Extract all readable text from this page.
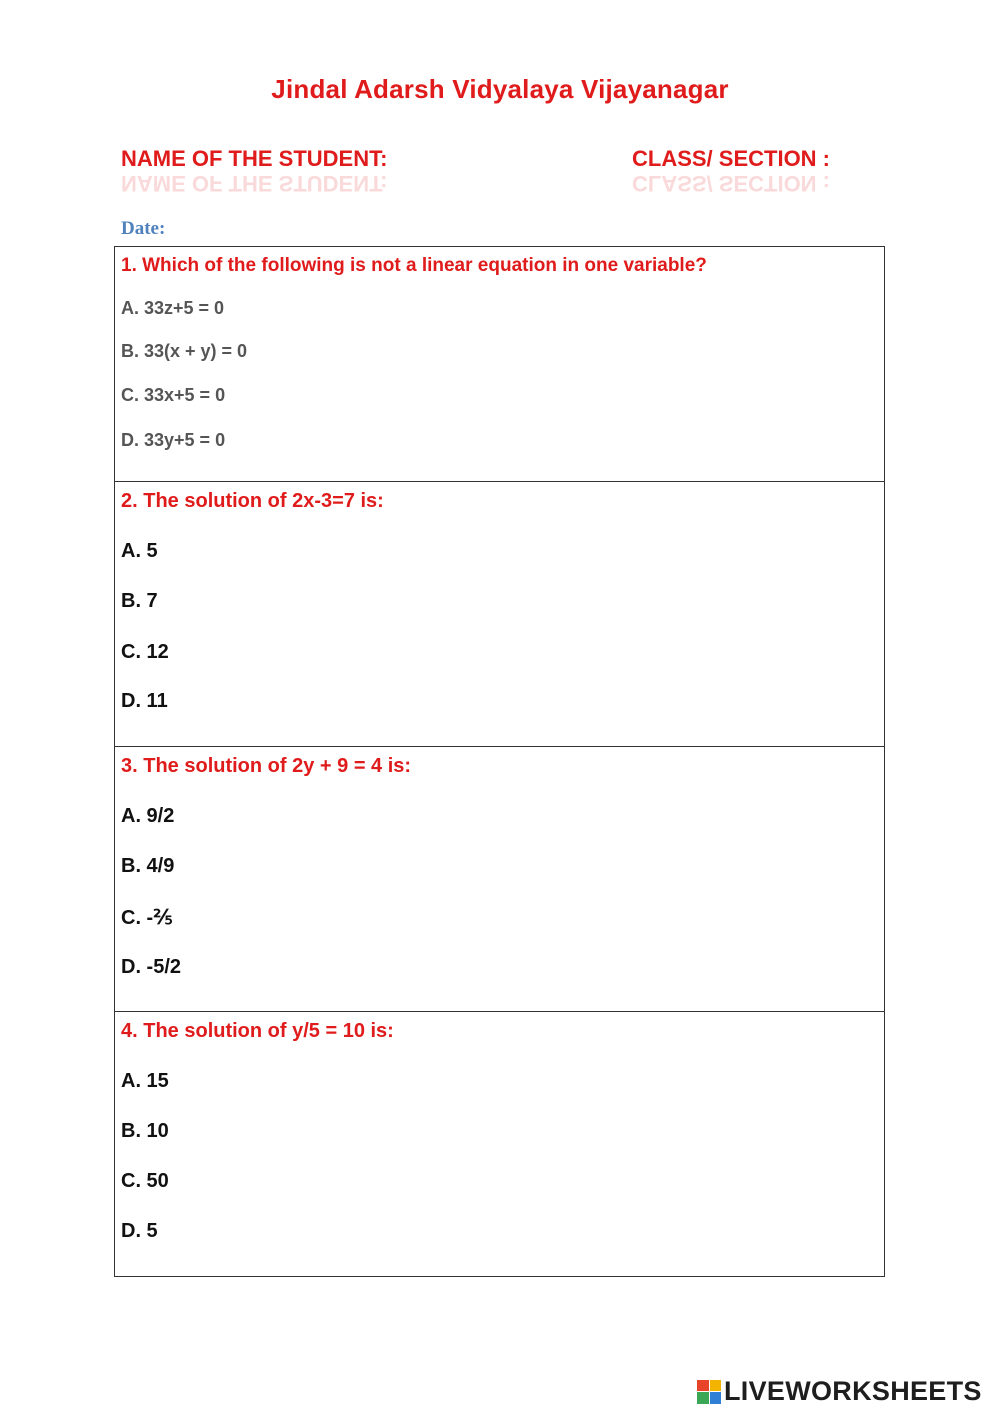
Jindal Adarsh Vidyalaya Vijayanagar
NAME OF THE STUDENT:
NAME OF THE STUDENT:
CLASS/ SECTION :
CLASS/ SECTION :
Date:
1. Which of the following is not a linear equation in one variable?
A. 33z+5 = 0
B. 33(x + y) = 0
C. 33x+5 = 0
D. 33y+5 = 0
2. The solution of 2x-3=7 is:
A. 5
B. 7
C. 12
D. 11
3. The solution of 2y + 9 = 4 is:
A. 9/2
B. 4/9
C. -⅖
D. -5/2
4. The solution of y/5 = 10 is:
A. 15
B. 10
C. 50
D. 5
LIVEWORKSHEETS
